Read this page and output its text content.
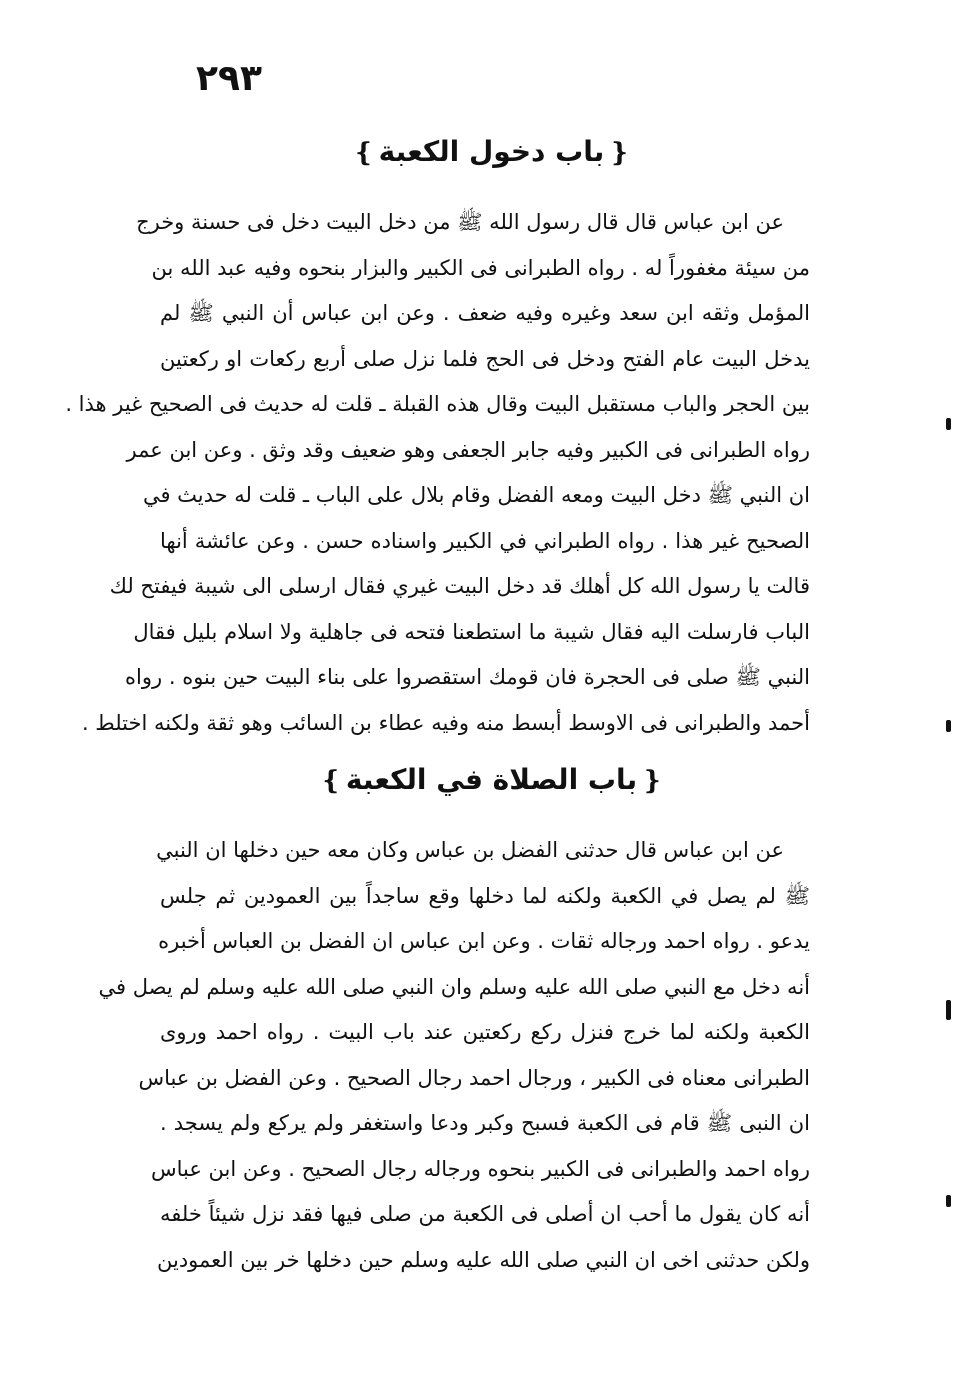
٢٩٣
❴باب دخول الكعبة❵
عن ابن عباس قال قال رسول الله ﷺ من دخل البيت دخل فى حسنة وخرج
من سيئة مغفوراً له . رواه الطبرانى فى الكبير والبزار بنحوه وفيه عبد الله بن
المؤمل وثقه ابن سعد وغيره وفيه ضعف . وعن ابن عباس أن النبي ﷺ لم
يدخل البيت عام الفتح ودخل فى الحج فلما نزل صلى أربع ركعات او ركعتين
بين الحجر والباب مستقبل البيت وقال هذه القبلة ـ قلت له حديث فى الصحيح غير هذا .
رواه الطبرانى فى الكبير وفيه جابر الجعفى وهو ضعيف وقد وثق . وعن ابن عمر
ان النبي ﷺ دخل البيت ومعه الفضل وقام بلال على الباب ـ قلت له حديث في
الصحيح غير هذا . رواه الطبراني في الكبير واسناده حسن . وعن عائشة أنها
قالت يا رسول الله كل أهلك قد دخل البيت غيري فقال ارسلى الى شيبة فيفتح لك
الباب فارسلت اليه فقال شيبة ما استطعنا فتحه فى جاهلية ولا اسلام بليل فقال
النبي ﷺ صلى فى الحجرة فان قومك استقصروا على بناء البيت حين بنوه . رواه
أحمد والطبرانى فى الاوسط أبسط منه وفيه عطاء بن السائب وهو ثقة ولكنه اختلط .
❴باب الصلاة في الكعبة❵
عن ابن عباس قال حدثنى الفضل بن عباس وكان معه حين دخلها ان النبي
ﷺ لم يصل في الكعبة ولكنه لما دخلها وقع ساجداً بين العمودين ثم جلس
يدعو . رواه احمد ورجاله ثقات . وعن ابن عباس ان الفضل بن العباس أخبره
أنه دخل مع النبي صلى الله عليه وسلم وان النبي صلى الله عليه وسلم لم يصل في
الكعبة ولكنه لما خرج فنزل ركع ركعتين عند باب البيت . رواه احمد وروى
الطبرانى معناه فى الكبير ، ورجال احمد رجال الصحيح . وعن الفضل بن عباس
ان النبى ﷺ قام فى الكعبة فسبح وكبر ودعا واستغفر ولم يركع ولم يسجد .
رواه احمد والطبرانى فى الكبير بنحوه ورجاله رجال الصحيح . وعن ابن عباس
أنه كان يقول ما أحب ان أصلى فى الكعبة من صلى فيها فقد نزل شيئاً خلفه
ولكن حدثنى اخى ان النبي صلى الله عليه وسلم حين دخلها خر بين العمودين
